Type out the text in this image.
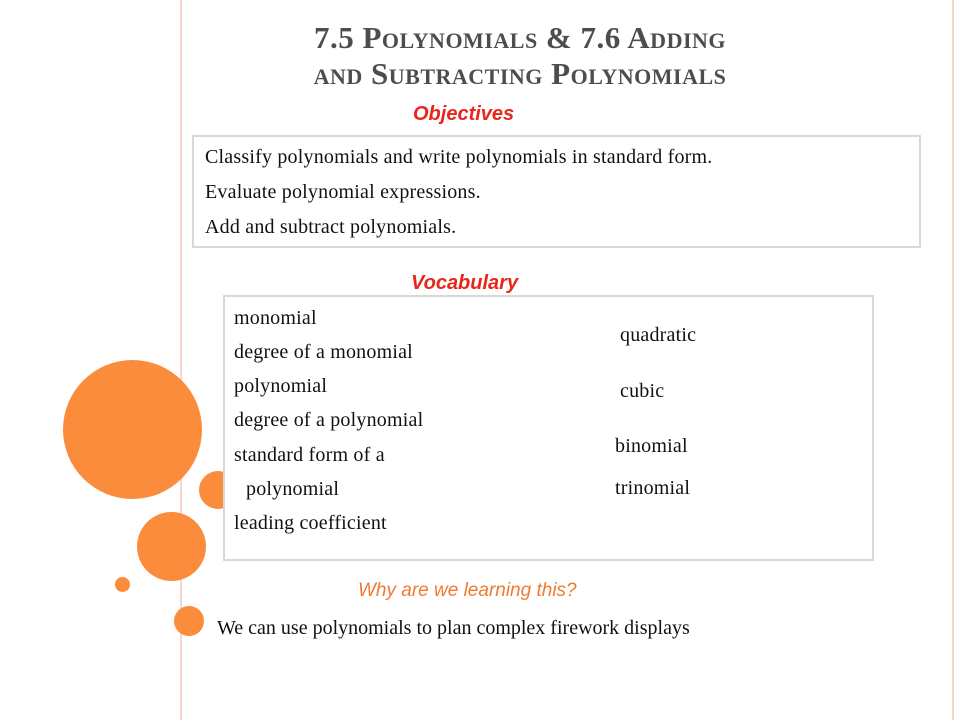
7.5 Polynomials & 7.6 Adding
and Subtracting Polynomials
Objectives
Classify polynomials and write polynomials in standard form.
Evaluate polynomial expressions.
Add and subtract polynomials.
Vocabulary
monomial
degree of a monomial
polynomial
degree of a polynomial
standard form of a
polynomial
leading coefficient
quadratic
cubic
binomial
trinomial
Why are we learning this?
We can use polynomials to plan complex firework displays
